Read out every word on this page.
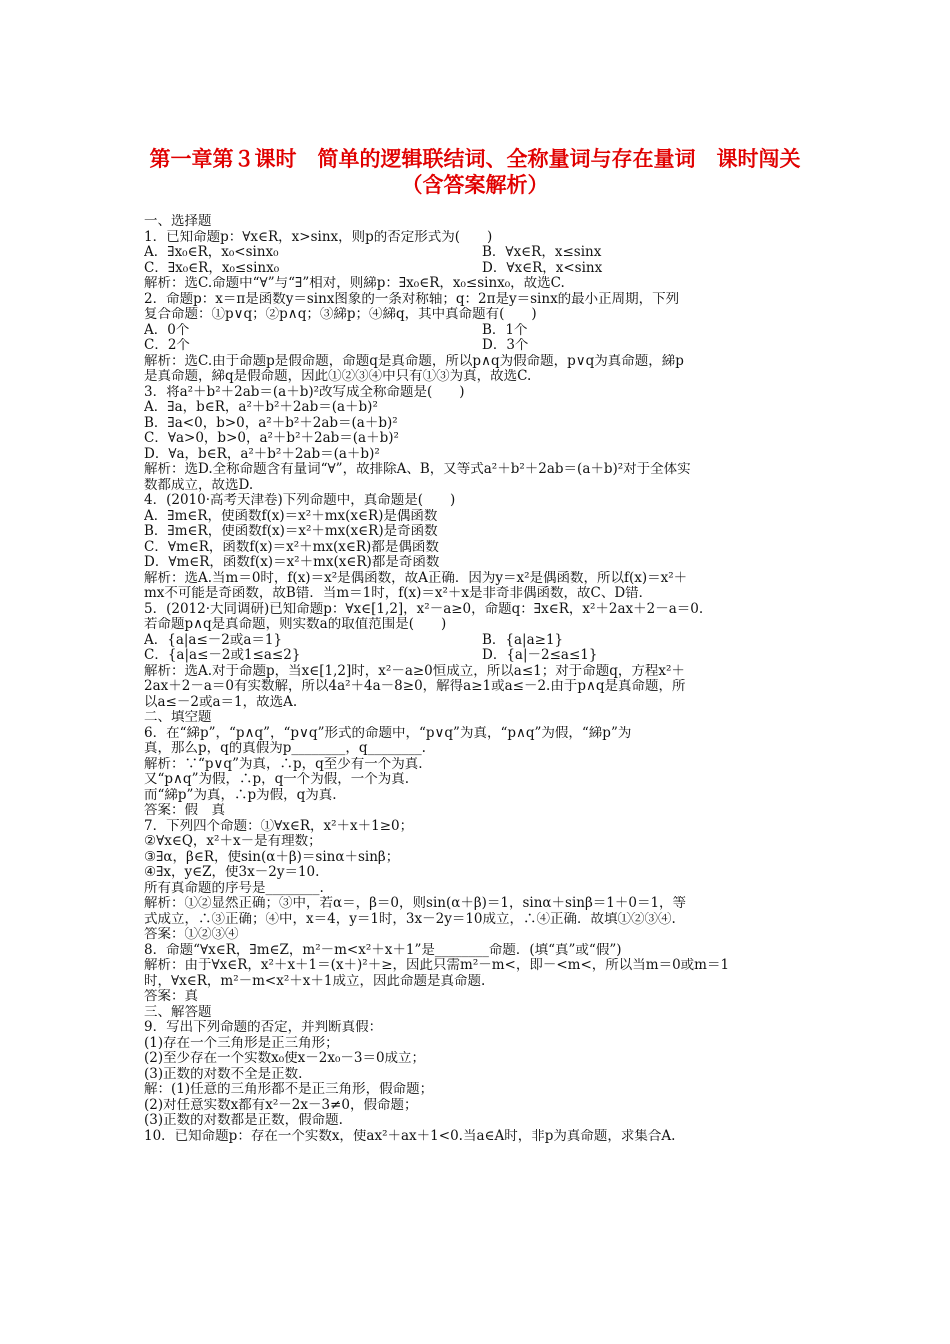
第一章第３课时　简单的逻辑联结词、全称量词与存在量词　课时闯关
（含答案解析）
一、选择题
1．已知命题p：∀x∈R，x>sinx，则p的否定形式为(　　)
A．∃x₀∈R，x₀<sinx₀	B．∀x∈R，x≤sinx
C．∃x₀∈R，x₀≤sinx₀	D．∀x∈R，x<sinx
解析：选C.命题中“∀”与“∃”相对，则綈p：∃x₀∈R，x₀≤sinx₀，故选C.
2．命题p：x＝π是函数y＝sinx图象的一条对称轴；q：2π是y＝sinx的最小正周期，下列
复合命题：①p∨q；②p∧q；③綈p；④綈q，其中真命题有(　　)
A．0个	B．1个
C．2个	D．3个
解析：选C.由于命题p是假命题，命题q是真命题，所以p∧q为假命题，p∨q为真命题，綈p
是真命题，綈q是假命题，因此①②③④中只有①③为真，故选C.
3．将a²＋b²＋2ab＝(a＋b)²改写成全称命题是(　　)
A．∃a，b∈R，a²＋b²＋2ab＝(a＋b)²
B．∃a<0，b>0，a²＋b²＋2ab＝(a＋b)²
C．∀a>0，b>0，a²＋b²＋2ab＝(a＋b)²
D．∀a，b∈R，a²＋b²＋2ab＝(a＋b)²
解析：选D.全称命题含有量词“∀”，故排除A、B，又等式a²＋b²＋2ab＝(a＋b)²对于全体实
数都成立，故选D.
4．(2010·高考天津卷)下列命题中，真命题是(　　)
A．∃m∈R，使函数f(x)＝x²＋mx(x∈R)是偶函数
B．∃m∈R，使函数f(x)＝x²＋mx(x∈R)是奇函数
C．∀m∈R，函数f(x)＝x²＋mx(x∈R)都是偶函数
D．∀m∈R，函数f(x)＝x²＋mx(x∈R)都是奇函数
解析：选A.当m＝0时，f(x)＝x²是偶函数，故A正确．因为y＝x²是偶函数，所以f(x)＝x²＋
mx不可能是奇函数，故B错．当m＝1时，f(x)＝x²＋x是非奇非偶函数，故C、D错．
5．(2012·大同调研)已知命题p：∀x∈[1,2]，x²－a≥0，命题q：∃x∈R，x²＋2ax＋2－a＝0.
若命题p∧q是真命题，则实数a的取值范围是(　　)
A．{a|a≤－2或a＝1}	B．{a|a≥1}
C．{a|a≤－2或1≤a≤2}	D．{a|－2≤a≤1}
解析：选A.对于命题p，当x∈[1,2]时，x²－a≥0恒成立，所以a≤1；对于命题q，方程x²＋
2ax＋2－a＝0有实数解，所以4a²＋4a－8≥0，解得a≥1或a≤－2.由于p∧q是真命题，所
以a≤－2或a＝1，故选A.
二、填空题
6．在“綈p”，“p∧q”，“p∨q”形式的命题中，“p∨q”为真，“p∧q”为假，“綈p”为
真，那么p，q的真假为p________，q________.
解析：∵“p∨q”为真，∴p，q至少有一个为真.
又“p∧q”为假，∴p，q一个为假，一个为真.
而“綈p”为真，∴p为假，q为真.
答案：假　真
7．下列四个命题：①∀x∈R，x²＋x＋1≥0；
②∀x∈Q，x²＋x－是有理数；
③∃α，β∈R，使sin(α＋β)＝sinα＋sinβ；
④∃x，y∈Z，使3x－2y＝10.
所有真命题的序号是________.
解析：①②显然正确；③中，若α＝，β＝0，则sin(α＋β)＝1，sinα＋sinβ＝1＋0＝1，等
式成立，∴③正确；④中，x＝4，y＝1时，3x－2y＝10成立，∴④正确．故填①②③④.
答案：①②③④
8．命题“∀x∈R，∃m∈Z，m²－m<x²＋x＋1”是________命题．(填“真”或“假”)
解析：由于∀x∈R，x²＋x＋1＝(x＋)²＋≥，因此只需m²－m<，即－<m<，所以当m＝0或m＝1
时，∀x∈R，m²－m<x²＋x＋1成立，因此命题是真命题.
答案：真
三、解答题
9．写出下列命题的否定，并判断真假：
(1)存在一个三角形是正三角形；
(2)至少存在一个实数x₀使x－2x₀－3＝0成立；
(3)正数的对数不全是正数.
解：(1)任意的三角形都不是正三角形，假命题；
(2)对任意实数x都有x²－2x－3≠0，假命题；
(3)正数的对数都是正数，假命题.
10．已知命题p：存在一个实数x，使ax²＋ax＋1<0.当a∈A时，非p为真命题，求集合A.
